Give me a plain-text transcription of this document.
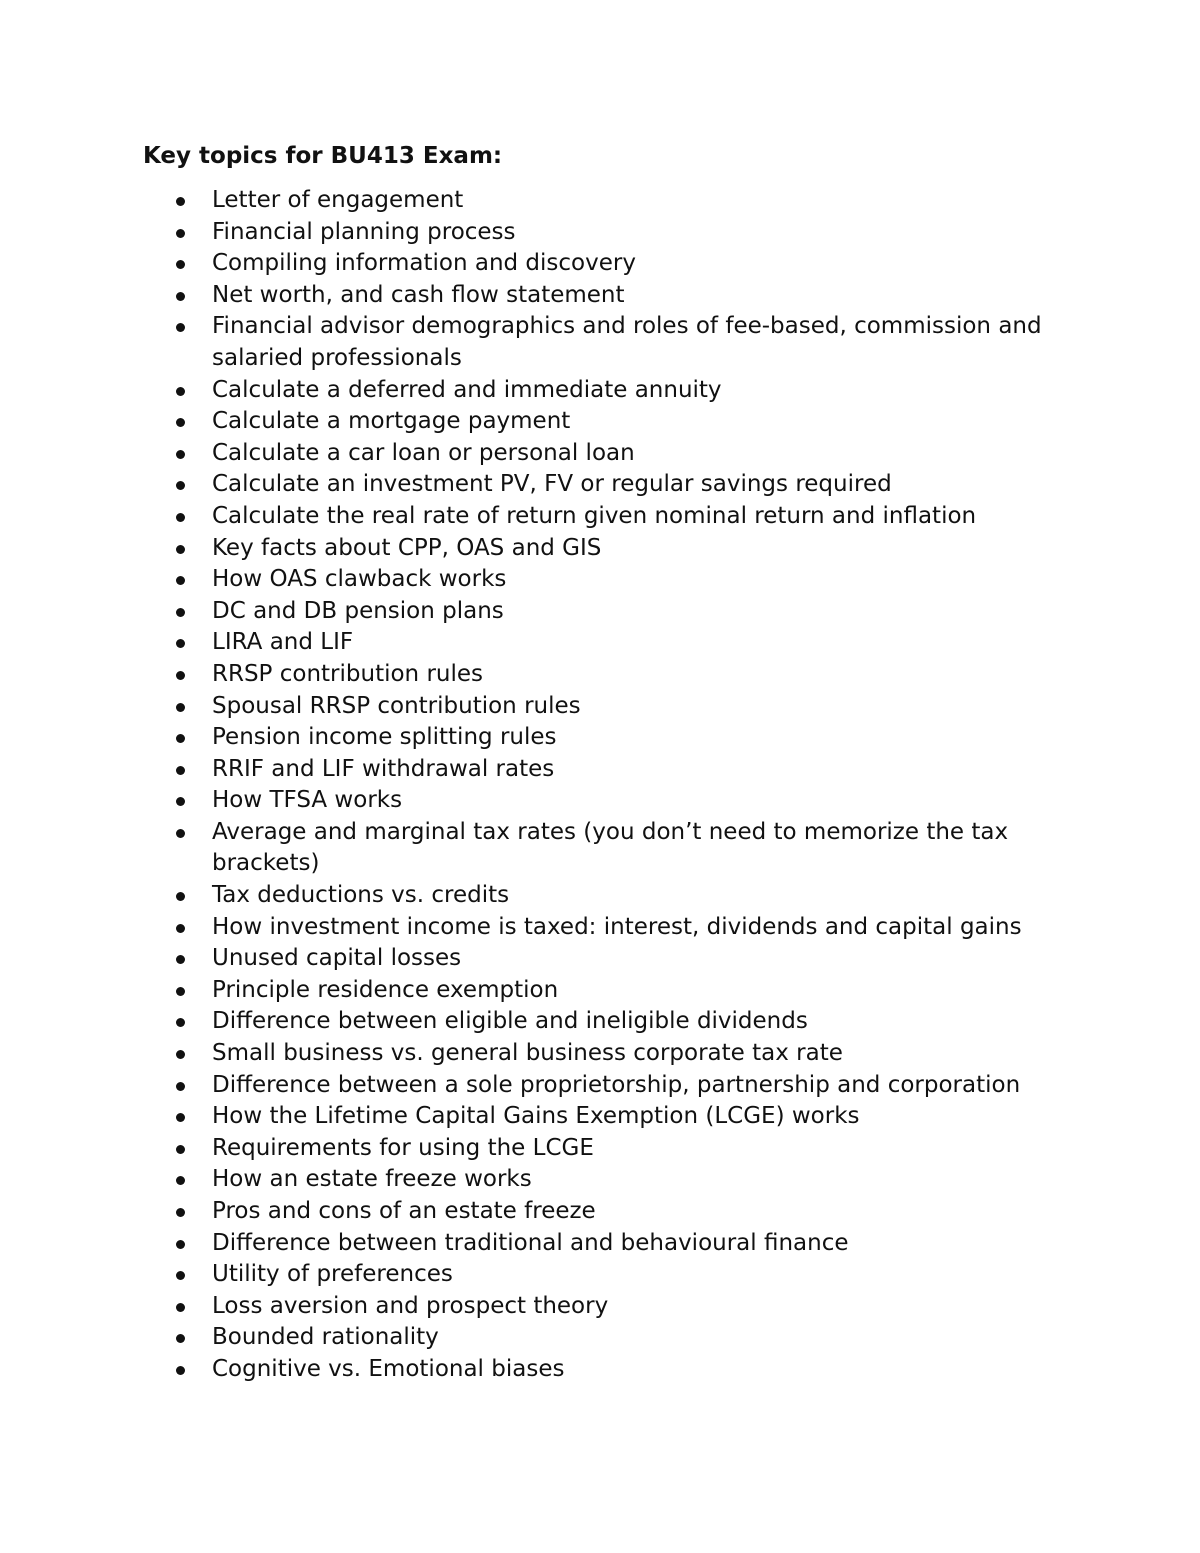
Key topics for BU413 Exam:
Letter of engagement
Financial planning process
Compiling information and discovery
Net worth, and cash flow statement
Financial advisor demographics and roles of fee-based, commission and salaried professionals
Calculate a deferred and immediate annuity
Calculate a mortgage payment
Calculate a car loan or personal loan
Calculate an investment PV, FV or regular savings required
Calculate the real rate of return given nominal return and inflation
Key facts about CPP, OAS and GIS
How OAS clawback works
DC and DB pension plans
LIRA and LIF
RRSP contribution rules
Spousal RRSP contribution rules
Pension income splitting rules
RRIF and LIF withdrawal rates
How TFSA works
Average and marginal tax rates (you don’t need to memorize the tax brackets)
Tax deductions vs. credits
How investment income is taxed: interest, dividends and capital gains
Unused capital losses
Principle residence exemption
Difference between eligible and ineligible dividends
Small business vs. general business corporate tax rate
Difference between a sole proprietorship, partnership and corporation
How the Lifetime Capital Gains Exemption (LCGE) works
Requirements for using the LCGE
How an estate freeze works
Pros and cons of an estate freeze
Difference between traditional and behavioural finance
Utility of preferences
Loss aversion and prospect theory
Bounded rationality
Cognitive vs. Emotional biases
